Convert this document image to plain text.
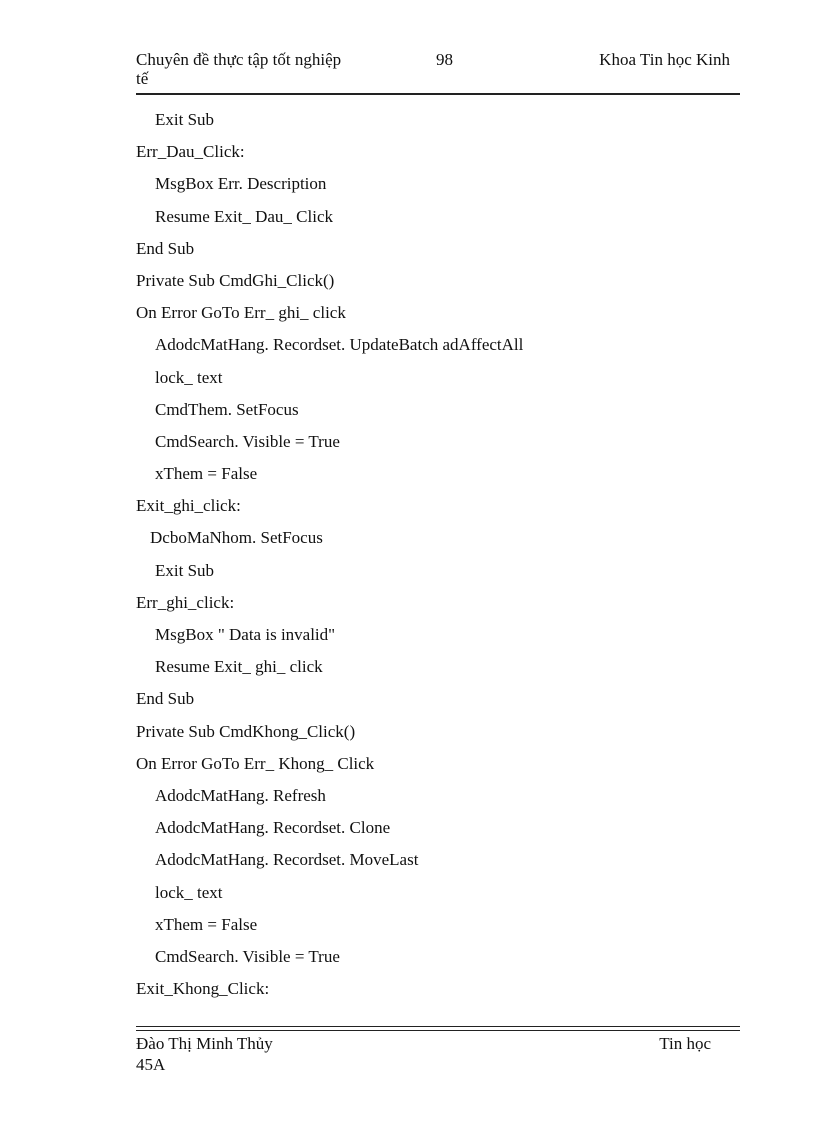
Chuyên đề thực tập tốt nghiệp
tế
98	Khoa Tin học Kinh
Exit Sub
Err_Dau_Click:
MsgBox Err. Description
Resume Exit_ Dau_ Click
End Sub
Private Sub CmdGhi_Click()
On Error GoTo Err_ ghi_ click
AdodcMatHang. Recordset. UpdateBatch adAffectAll
lock_ text
CmdThem. SetFocus
CmdSearch. Visible = True
xThem = False
Exit_ghi_click:
DcboMaNhom. SetFocus
Exit Sub
Err_ghi_click:
MsgBox " Data is invalid"
Resume Exit_ ghi_ click
End Sub
Private Sub CmdKhong_Click()
On Error GoTo Err_ Khong_ Click
AdodcMatHang. Refresh
AdodcMatHang. Recordset. Clone
AdodcMatHang. Recordset. MoveLast
lock_ text
xThem = False
CmdSearch. Visible = True
Exit_Khong_Click:
Đào Thị Minh Thủy
45A
Tin học
